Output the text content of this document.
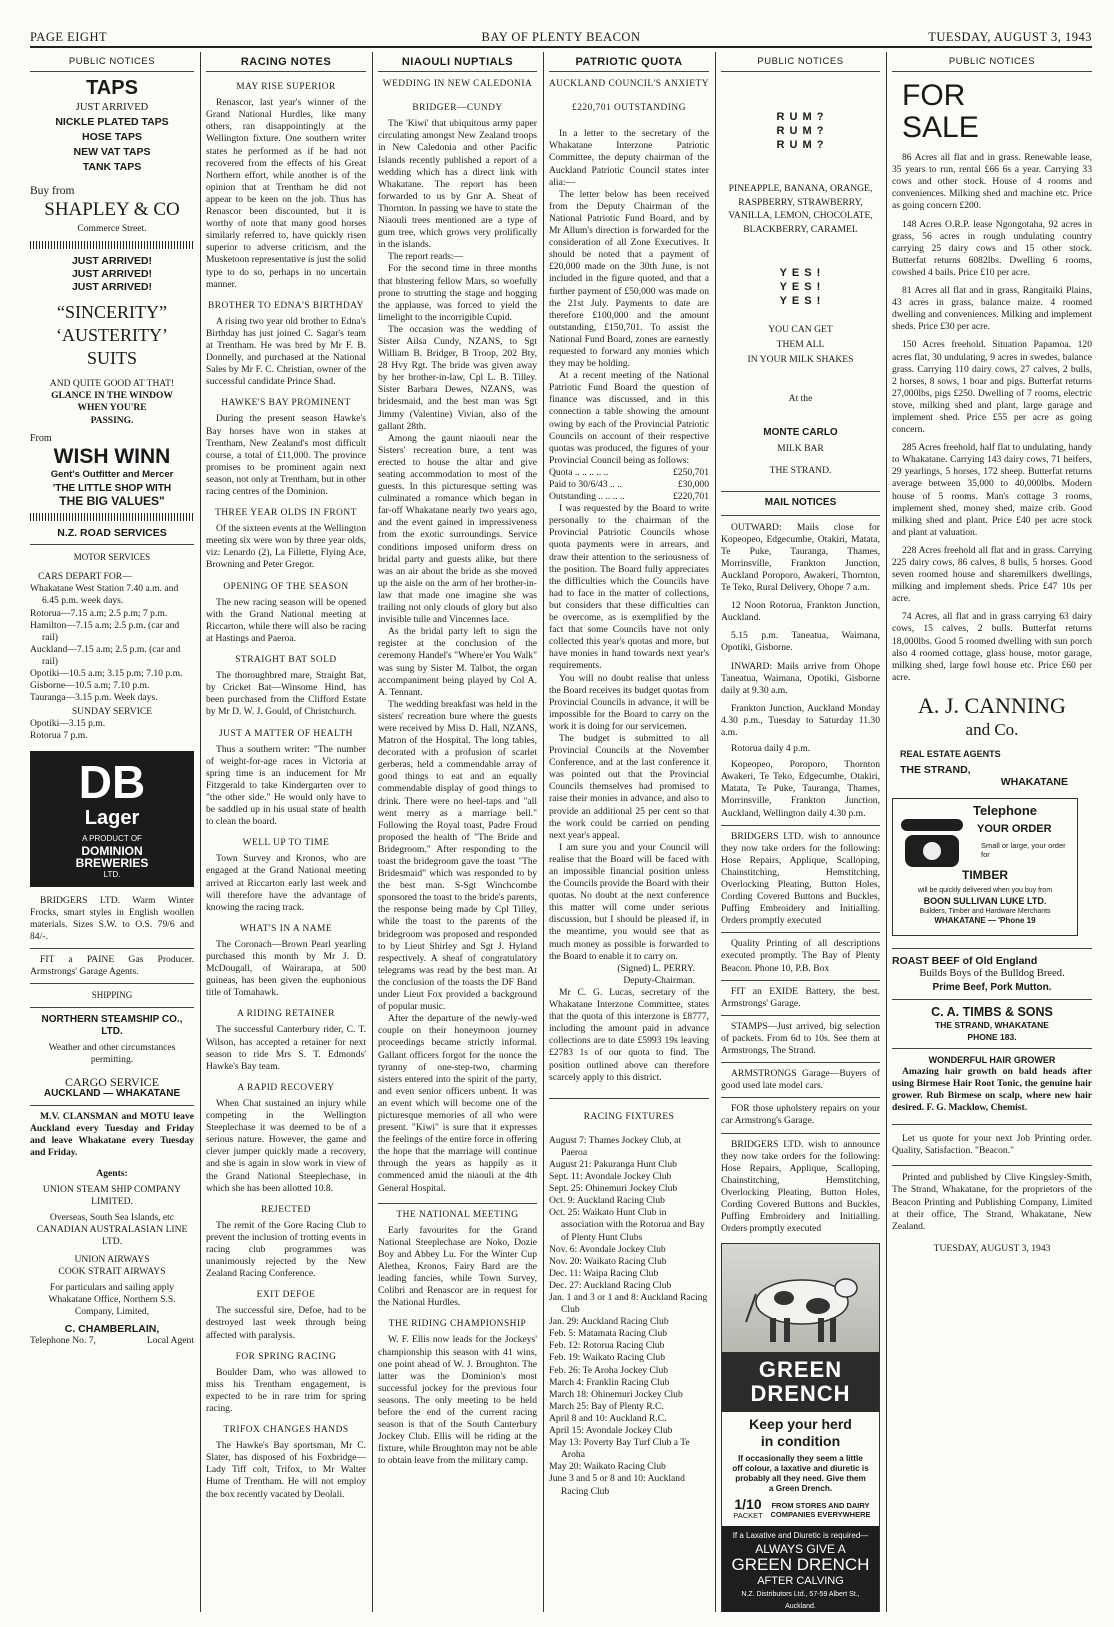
PAGE EIGHT	BAY OF PLENTY BEACON	TUESDAY, AUGUST 3, 1943
PUBLIC NOTICES
TAPS
JUST ARRIVED
NICKLE PLATED TAPS
HOSE TAPS
NEW VAT TAPS
TANK TAPS
Buy from
SHAPLEY & CO
Commerce Street.
JUST ARRIVED!
JUST ARRIVED!
JUST ARRIVED!
“SINCERITY”
‘AUSTERITY’
SUITS
AND QUITE GOOD AT THAT!
GLANCE IN THE WINDOW
WHEN YOU'RE
PASSING.
From
WISH WINN
Gent's Outfitter and Mercer
'THE LITTLE SHOP WITH
THE BIG VALUES"
N.Z. ROAD SERVICES
MOTOR SERVICES
CARS DEPART FOR—
Whakatane West Station 7.40 a.m. and 6.45 p.m. week days.
Rotorua—7.15 a.m; 2.5 p.m; 7 p.m.
Hamilton—7.15 a.m; 2.5 p.m. (car and rail)
Auckland—7.15 a.m; 2.5 p.m. (car and rail)
Opotiki—10.5 a.m; 3.15 p.m; 7.10 p.m.
Gisborne—10.5 a.m; 7.10 p.m.
Tauranga—3.15 p.m. Week days.
SUNDAY SERVICE
Opotiki—3.15 p.m.
Rotorua 7 p.m.
DB
Lager
A PRODUCT OF
DOMINION
BREWERIES
LTD.

BRIDGERS LTD. Warm Winter Frocks, smart styles in English woollen materials. Sizes S.W. to O.S. 79/6 and 84/-.

FIT a PAINE Gas Producer. Armstrongs' Garage Agents.

SHIPPING
NORTHERN STEAMSHIP CO., LTD.
Weather and other circumstances permitting.
CARGO SERVICE
AUCKLAND — WHAKATANE

M.V. CLANSMAN and MOTU leave Auckland every Tuesday and Friday and leave Whakatane every Tuesday and Friday.

Agents:
UNION STEAM SHIP COMPANY LIMITED.
Overseas, South Sea Islands, etc
CANADIAN AUSTRALASIAN LINE LTD.
UNION AIRWAYS
COOK STRAIT AIRWAYS
For particulars and sailing apply Whakatane Office, Northern S.S. Company, Limited,
C. CHAMBERLAIN,
Telephone No. 7,	Local Agent
RACING NOTES
MAY RISE SUPERIOR

Renascor, last year's winner of the Grand National Hurdles, like many others, ran disappointingly at the Wellington fixture. One southern writer states he performed as if he had not recovered from the effects of his Great Northern effort, while another is of the opinion that at Trentham he did not appear to be keen on the job. Thus has Renascor been discounted, but it is worthy of note that many good horses similarly referred to, have quickly risen superior to adverse criticism, and the Musketoon representative is just the solid type to do so, perhaps in no uncertain manner.

BROTHER TO EDNA'S BIRTHDAY

A rising two year old brother to Edna's Birthday has just joined C. Sagar's team at Trentham. He was bred by Mr F. B. Donnelly, and purchased at the National Sales by Mr F. C. Christian, owner of the successful candidate Prince Shad.

HAWKE'S BAY PROMINENT

During the present season Hawke's Bay horses have won in stakes at Trentham, New Zealand's most difficult course, a total of £11,000. The province promises to be prominent again next season, not only at Trentham, but in other racing centres of the Dominion.

THREE YEAR OLDS IN FRONT

Of the sixteen events at the Wellington meeting six were won by three year olds, viz: Lenardo (2), La Fillette, Flying Ace, Browning and Peter Gregor.

OPENING OF THE SEASON

The new racing season will be opened with the Grand National meeting at Riccarton, while there will also be racing at Hastings and Paeroa.

STRAIGHT BAT SOLD

The thoroughbred mare, Straight Bat, by Cricket Bat—Winsome Hind, has been purchased from the Clifford Estate by Mr D. W. J. Gould, of Christchurch.

JUST A MATTER OF HEALTH

Thus a southern writer: "The number of weight-for-age races in Victoria at spring time is an inducement for Mr Fitzgerald to take Kindergarten over to "the other side." He would only have to be saddled up in his usual state of health to clean the board.

WELL UP TO TIME

Town Survey and Kronos, who are engaged at the Grand National meeting arrived at Riccarton early last week and will therefore have the advantage of knowing the racing track.

WHAT'S IN A NAME

The Coronach—Brown Pearl yearling purchased this month by Mr J. D. McDougall, of Wairarapa, at 500 guineas, has been given the euphonious title of Tomahawk.

A RIDING RETAINER

The successful Canterbury rider, C. T. Wilson, has accepted a retainer for next season to ride Mrs S. T. Edmonds' Hawke's Bay team.

A RAPID RECOVERY

When Chat sustained an injury while competing in the Wellington Steeplechase it was deemed to be of a serious nature. However, the game and clever jumper quickly made a recovery, and she is again in slow work in view of the Grand National Steeplechase, in which she has been allotted 10.8.

REJECTED

The remit of the Gore Racing Club to prevent the inclusion of trotting events in racing club programmes was unanimously rejected by the New Zealand Racing Conference.

EXIT DEFOE

The successful sire, Defoe, had to be destroyed last week through being affected with paralysis.

FOR SPRING RACING

Boulder Dam, who was allowed to miss his Trentham engagement, is expected to be in rare trim for spring racing.

TRIFOX CHANGES HANDS

The Hawke's Bay sportsman, Mr C. Slater, has disposed of his Foxbridge—Lady Tiff colt, Trifox, to Mr Walter Hume of Trentham. He will not employ the box recently vacated by Deolali.

NIAOULI NUPTIALS
WEDDING IN NEW CALEDONIA
BRIDGER—CUNDY

The 'Kiwi' that ubiquitous army paper circulating amongst New Zealand troops in New Caledonia and other Pacific Islands recently published a report of a wedding which has a direct link with Whakatane. The report has been forwarded to us by Gnr A. Sheat of Thornton. In passing we have to state the Niaouli trees mentioned are a type of gum tree, which grows very prolifically in the islands.

The report reads:—

For the second time in three months that blustering fellow Mars, so woefully prone to strutting the stage and hogging the applause, was forced to yield the limelight to the incorrigible Cupid.

The occasion was the wedding of Sister Ailsa Cundy, NZANS, to Sgt William B. Bridger, B Troop, 202 Bty, 28 Hvy Rgt. The bride was given away by her brother-in-law, Cpl L. B. Tilley. Sister Barbara Dewes, NZANS, was bridesmaid, and the best man was Sgt Jimmy (Valentine) Vivian, also of the gallant 28th.

Among the gaunt niaouli near the Sisters' recreation bure, a tent was erected to house the altar and give seating accommodation to most of the guests. In this picturesque setting was culminated a romance which began in far-off Whakatane nearly two years ago, and the event gained in impressiveness from the exotic surroundings. Service conditions imposed uniform dress on bridal party and guests alike, but there was an air about the bride as she moved up the aisle on the arm of her brother-in-law that made one imagine she was trailing not only clouds of glory but also invisible tulle and Vincennes lace.

As the bridal party left to sign the register at the conclusion of the ceremony Handel's "Where'er You Walk" was sung by Sister M. Talbot, the organ accompaniment being played by Col A. A. Tennant.

The wedding breakfast was held in the sisters' recreation bure where the guests were received by Miss D. Hall, NZANS, Matron of the Hospital. The long tables, decorated with a profusion of scarlet gerberas, held a commendable array of good things to eat and an equally commendable display of good things to drink. There were no heel-taps and "all went merry as a marriage bell." Following the Royal toast, Padre Froud proposed the health of "The Bride and Bridegroom." After responding to the toast the bridegroom gave the toast "The Bridesmaid" which was responded to by the best man. S-Sgt Winchcombe sponsored the toast to the bride's parents, the response being made by Cpl Tilley, while the toast to the parents of the bridegroom was proposed and responded to by Lieut Shirley and Sgt J. Hyland respectively. A sheaf of congratulatory telegrams was read by the best man. At the conclusion of the toasts the DF Band under Lieut Fox provided a background of popular music.

After the departure of the newly-wed couple on their honeymoon journey proceedings became strictly informal. Gallant officers forgot for the nonce the tyranny of one-step-two, charming sisters entered into the spirit of the party, and even senior officers unbent. It was an event which will become one of the picturesque memories of all who were present. "Kiwi" is sure that it expresses the feelings of the entire force in offering the hope that the marriage will continue through the years as happily as it commenced amid the niaouli at the 4th General Hospital.

THE NATIONAL MEETING

Early favourites for the Grand National Steeplechase are Noko, Dozie Boy and Abbey Lu. For the Winter Cup Alethea, Kronos, Fairy Bard are the leading fancies, while Town Survey, Colibri and Renascor are in request for the National Hurdles.

THE RIDING CHAMPIONSHIP

W. F. Ellis now leads for the Jockeys' championship this season with 41 wins, one point ahead of W. J. Broughton. The latter was the Dominion's most successful jockey for the previous four seasons. The only meeting to be held before the end of the current racing season is that of the South Canterbury Jockey Club. Ellis will be riding at the fixture, while Broughton may not be able to obtain leave from the military camp.

PATRIOTIC QUOTA
AUCKLAND COUNCIL'S ANXIETY
£220,701 OUTSTANDING

In a letter to the secretary of the Whakatane Interzone Patriotic Committee, the deputy chairman of the Auckland Patriotic Council states inter alia:—

The letter below has been received from the Deputy Chairman of the National Patriotic Fund Board, and by Mr Allum's direction is forwarded for the consideration of all Zone Executives. It should be noted that a payment of £20,000 made on the 30th June, is not included in the figure quoted, and that a further payment of £50,000 was made on the 21st July. Payments to date are therefore £100,000 and the amount outstanding, £150,701. To assist the National Fund Board, zones are earnestly requested to forward any monies which they may be holding.

At a recent meeting of the National Patriotic Fund Board the question of finance was discussed, and in this connection a table showing the amount owing by each of the Provincial Patriotic Councils on account of their respective quotas was produced, the figures of your Provincial Council being as follows:

Quota .. .. .. .. ..	£250,701
Paid to 30/6/43 .. ..	£30,000
Outstanding .. .. .. ..	£220,701

I was requested by the Board to write personally to the chairman of the Provincial Patriotic Councils whose quota payments were in arrears, and draw their attention to the seriousness of the position. The Board fully appreciates the difficulties which the Councils have had to face in the matter of collections, but considers that these difficulties can be overcome, as is exemplified by the fact that some Councils have not only collected this year's quotas and more, but have monies in hand towards next year's requirements.

You will no doubt realise that unless the Board receives its budget quotas from Provincial Councils in advance, it will be impossible for the Board to carry on the work it is doing for our servicemen.

The budget is submitted to all Provincial Councils at the November Conference, and at the last conference it was pointed out that the Provincial Councils themselves had promised to raise their monies in advance, and also to provide an additional 25 per cent so that the work could be carried on pending next year's appeal.

I am sure you and your Council will realise that the Board will be faced with an impossible financial position unless the Councils provide the Board with their quotas. No doubt at the next conference this matter will come under serious discussion, but I should be pleased if, in the meantime, you would see that as much money as possible is forwarded to the Board to enable it to carry on.

(Signed) L. PERRY.
Deputy-Chairman.

Mr C. G. Lucas, secretary of the Whakatane Interzone Committee, states that the quota of this interzone is £8777, including the amount paid in advance collections are to date £5993 19s leaving £2783 1s of our quota to find. The position outlined above can therefore scarcely apply to this district.

RACING FIXTURES
August 7: Thames Jockey Club, at Paeroa
August 21: Pakuranga Hunt Club
Sept. 11: Avondale Jockey Club
Sept. 25: Ohinemuri Jockey Club
Oct. 9: Auckland Racing Club
Oct. 25: Waikato Hunt Club in association with the Rotorua and Bay of Plenty Hunt Clubs
Nov. 6: Avondale Jockey Club
Nov. 20: Waikato Racing Club
Dec. 11: Waipa Racing Club
Dec. 27: Auckland Racing Club
Jan. 1 and 3 or 1 and 8: Auckland Racing Club
Jan. 29: Auckland Racing Club
Feb. 5: Matamata Racing Club
Feb. 12: Rotorua Racing Club
Feb. 19: Waikato Racing Club
Feb. 26: Te Aroha Jockey Club
March 4: Franklin Racing Club
March 18: Ohinemuri Jockey Club
March 25: Bay of Plenty R.C.
April 8 and 10: Auckland R.C.
April 15: Avondale Jockey Club
May 13: Poverty Bay Turf Club a Te Aroha
May 20: Waikato Racing Club
June 3 and 5 or 8 and 10: Auckland Racing Club
PUBLIC NOTICES
R U M ?
R U M ?
R U M ?
PINEAPPLE, BANANA, ORANGE, RASPBERRY, STRAWBERRY, VANILLA, LEMON, CHOCOLATE, BLACKBERRY, CARAMEL
Y E S !
Y E S !
Y E S !
YOU CAN GET
THEM ALL
IN YOUR MILK SHAKES
At the
MONTE CARLO
MILK BAR
THE STRAND.
MAIL NOTICES

OUTWARD: Mails close for Kopeopeo, Edgecumbe, Otakiri, Matata, Te Puke, Tauranga, Thames, Morrinsville, Frankton Junction, Auckland Poroporo, Awakeri, Thornton, Te Teko, Rural Delivery, Ohope 7 a.m.

12 Noon Rotorua, Frankton Junction, Auckland.

5.15 p.m. Taneatua, Waimana, Opotiki, Gisborne.

INWARD: Mails arrive from Ohope Taneatua, Waimana, Opotiki, Gisborne daily at 9.30 a.m.

Frankton Junction, Auckland Monday 4.30 p.m., Tuesday to Saturday 11.30 a.m.

Rotorua daily 4 p.m.

Kopeopeo, Poroporo, Thornton Awakeri, Te Teko, Edgecumbe, Otakiri, Matata, Te Puke, Tauranga, Thames, Morrinsville, Frankton Junction, Auckland, Wellington daily 4.30 p.m.

BRIDGERS LTD. wish to announce they now take orders for the following: Hose Repairs, Applique, Scalloping, Chainstitching, Hemstitching, Overlocking Pleating, Button Holes, Cording Covered Buttons and Buckles, Puffing Embroidery and Initialling. Orders promptly executed

Quality Printing of all descriptions executed promptly. The Bay of Plenty Beacon. Phone 10, P.B. Box

FIT an EXIDE Battery, the best. Armstrongs' Garage.

STAMPS—Just arrived, big selection of packets. From 6d to 10s. See them at Armstrongs, The Strand.

ARMSTRONGS Garage—Buyers of good used late model cars.

FOR those upholstery repairs on your car Armstrong's Garage.

BRIDGERS LTD. wish to announce they now take orders for the following: Hose Repairs, Applique, Scalloping, Chainstitching, Hemstitching, Overlocking Pleating, Button Holes, Cording Covered Buttons and Buckles, Puffing Embroidery and Initialling. Orders promptly executed

GREEN
DRENCH
Keep your herd
in condition
If occasionally they seem a little off colour, a laxative and diuretic is probably all they need. Give them a Green Drench.
1/10
PACKET
FROM STORES AND DAIRY COMPANIES EVERYWHERE
If a Laxative and Diuretic is required—
ALWAYS GIVE A
GREEN DRENCH
AFTER CALVING
N.Z. Distributors Ltd., 57-59 Albert St., Auckland.
PUBLIC NOTICES
FOR
SALE

86 Acres all flat and in grass. Renewable lease, 35 years to run, rental £66 6s a year. Carrying 33 cows and other stock. House of 4 rooms and conveniences. Milking shed and machine etc. Price as going concern £200.

148 Acres O.R.P. lease Ngongotaha, 92 acres in grass, 56 acres in rough undulating country carrying 25 dairy cows and 15 other stock. Butterfat returns 6082lbs. Dwelling 6 rooms, cowshed 4 bails. Price £10 per acre.

81 Acres all flat and in grass, Rangitaiki Plains, 43 acres in grass, balance maize. 4 roomed dwelling and conveniences. Milking and implement sheds. Price £30 per acre.

150 Acres freehold. Situation Papamoa. 120 acres flat, 30 undulating, 9 acres in swedes, balance grass. Carrying 110 dairy cows, 27 calves, 2 bulls, 2 horses, 8 sows, 1 boar and pigs. Butterfat returns 27,000lbs, pigs £250. Dwelling of 7 rooms, electric stove, milking shed and plant, large garage and implement shed. Price £55 per acre as going concern.

285 Acres freehold, half flat to undulating, handy to Whakatane. Carrying 143 dairy cows, 71 heifers, 29 yearlings, 5 horses, 172 sheep. Butterfat returns average between 35,000 to 40,000lbs. Modern house of 5 rooms. Man's cottage 3 rooms, implement shed, money shed, maize crib. Good milking shed and plant. Price £40 per acre stock and plant at valuation.

228 Acres freehold all flat and in grass. Carrying 225 dairy cows, 86 calves, 8 bulls, 5 horses. Good seven roomed house and sharemilkers dwellings, milking and implement sheds. Price £47 10s per acre.

74 Acres, all flat and in grass carrying 63 dairy cows, 15 calves, 2 bulls. Butterfat returns 18,000lbs. Good 5 roomed dwelling with sun porch also 4 roomed cottage, glass house, motor garage, milking shed, large fowl house etc. Price £60 per acre.

A. J. CANNING
and Co.
REAL ESTATE AGENTS
THE STRAND,
WHAKATANE
Telephone
YOUR ORDER
Small or large, your order for
TIMBER
will be quickly delivered when you buy from
BOON SULLIVAN LUKE LTD.
Builders, Timber and Hardware Merchants
WHAKATANE — 'Phone 19
ROAST BEEF of Old England
Builds Boys of the Bulldog Breed.
Prime Beef, Pork Mutton.
C. A. TIMBS & SONS
THE STRAND, WHAKATANE
PHONE 183.
WONDERFUL HAIR GROWER

Amazing hair growth on bald heads after using Birmese Hair Root Tonic, the genuine hair grower. Rub Birmese on scalp, where new hair desired. F. G. Macklow, Chemist.

Let us quote for your next Job Printing order. Quality, Satisfaction. "Beacon."

Printed and published by Clive Kingsley-Smith, The Strand, Whakatane, for the proprietors of the Beacon Printing and Publishing Company, Limited at their office, The Strand, Whakatane, New Zealand.

TUESDAY, AUGUST 3, 1943
